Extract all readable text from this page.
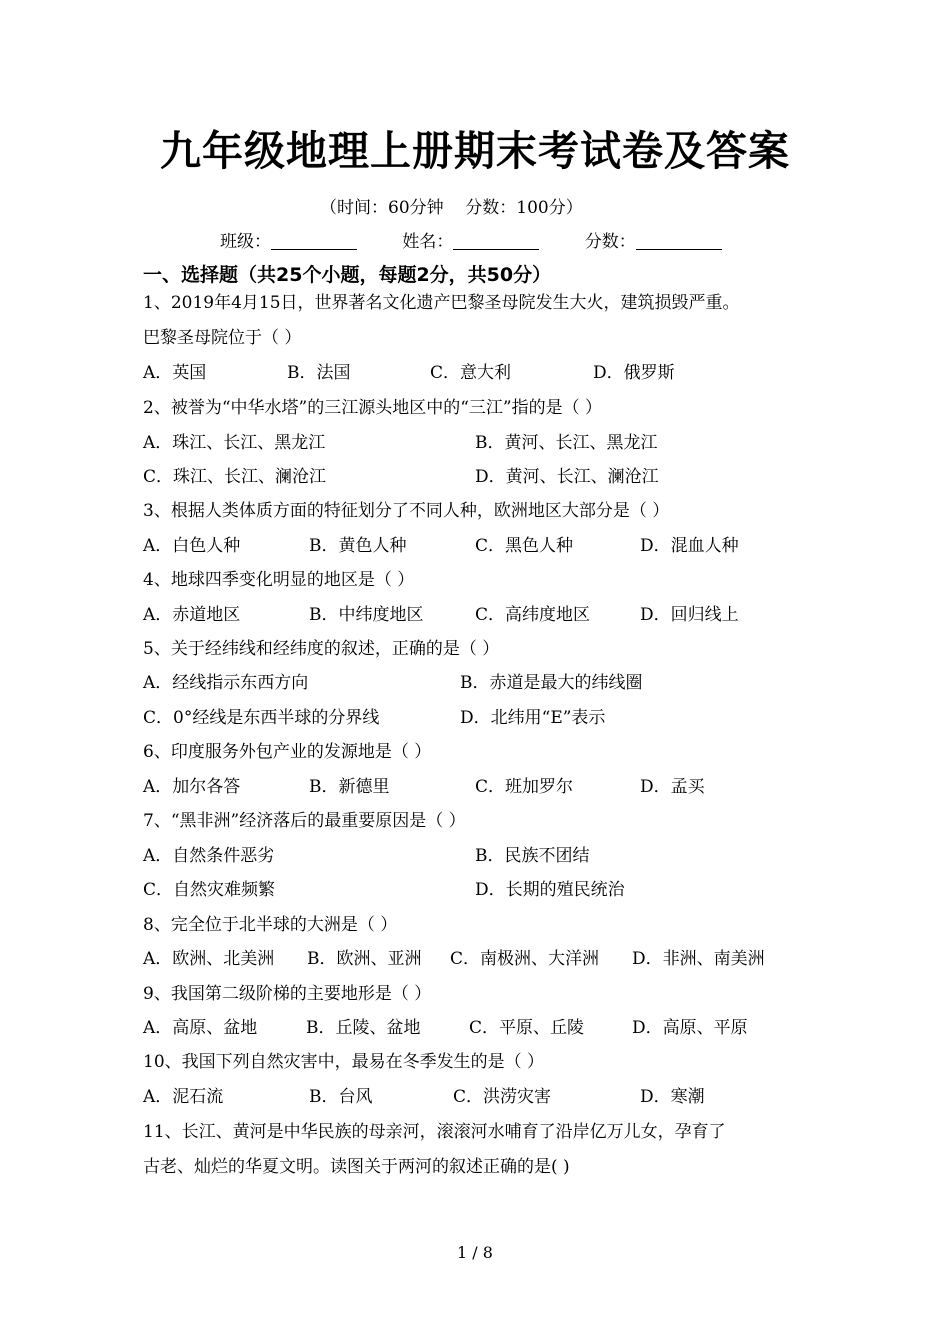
九年级地理上册期末考试卷及答案
（时间：60分钟    分数：100分）
班级：	姓名：	分数：
一、选择题（共25个小题，每题2分，共50分）
1、2019年4月15日，世界著名文化遗产巴黎圣母院发生大火，建筑损毁严重。
巴黎圣母院位于（ ）
A．英国	B．法国	C．意大利	D．俄罗斯
2、被誉为“中华水塔”的三江源头地区中的“三江”指的是（ ）
A．珠江、长江、黑龙江	B．黄河、长江、黑龙江
C．珠江、长江、澜沧江	D．黄河、长江、澜沧江
3、根据人类体质方面的特征划分了不同人种，欧洲地区大部分是（ ）
A．白色人种	B．黄色人种	C．黑色人种	D．混血人种
4、地球四季变化明显的地区是（ ）
A．赤道地区	B．中纬度地区	C．高纬度地区	D．回归线上
5、关于经纬线和经纬度的叙述，正确的是（ ）
A．经线指示东西方向	B．赤道是最大的纬线圈
C．0°经线是东西半球的分界线	D．北纬用“E”表示
6、印度服务外包产业的发源地是（ ）
A．加尔各答	B．新德里	C．班加罗尔	D．孟买
7、“黑非洲”经济落后的最重要原因是（ ）
A．自然条件恶劣	B．民族不团结
C．自然灾难频繁	D．长期的殖民统治
8、完全位于北半球的大洲是（ ）
A．欧洲、北美洲 B．欧洲、亚洲 C．南极洲、大洋洲 D．非洲、南美洲
9、我国第二级阶梯的主要地形是（ ）
A．高原、盆地	B．丘陵、盆地	C．平原、丘陵	D．高原、平原
10、我国下列自然灾害中，最易在冬季发生的是（ ）
A．泥石流	B．台风	C．洪涝灾害	D．寒潮
11、长江、黄河是中华民族的母亲河，滚滚河水哺育了沿岸亿万儿女，孕育了
古老、灿烂的华夏文明。读图关于两河的叙述正确的是( )
1 / 8
